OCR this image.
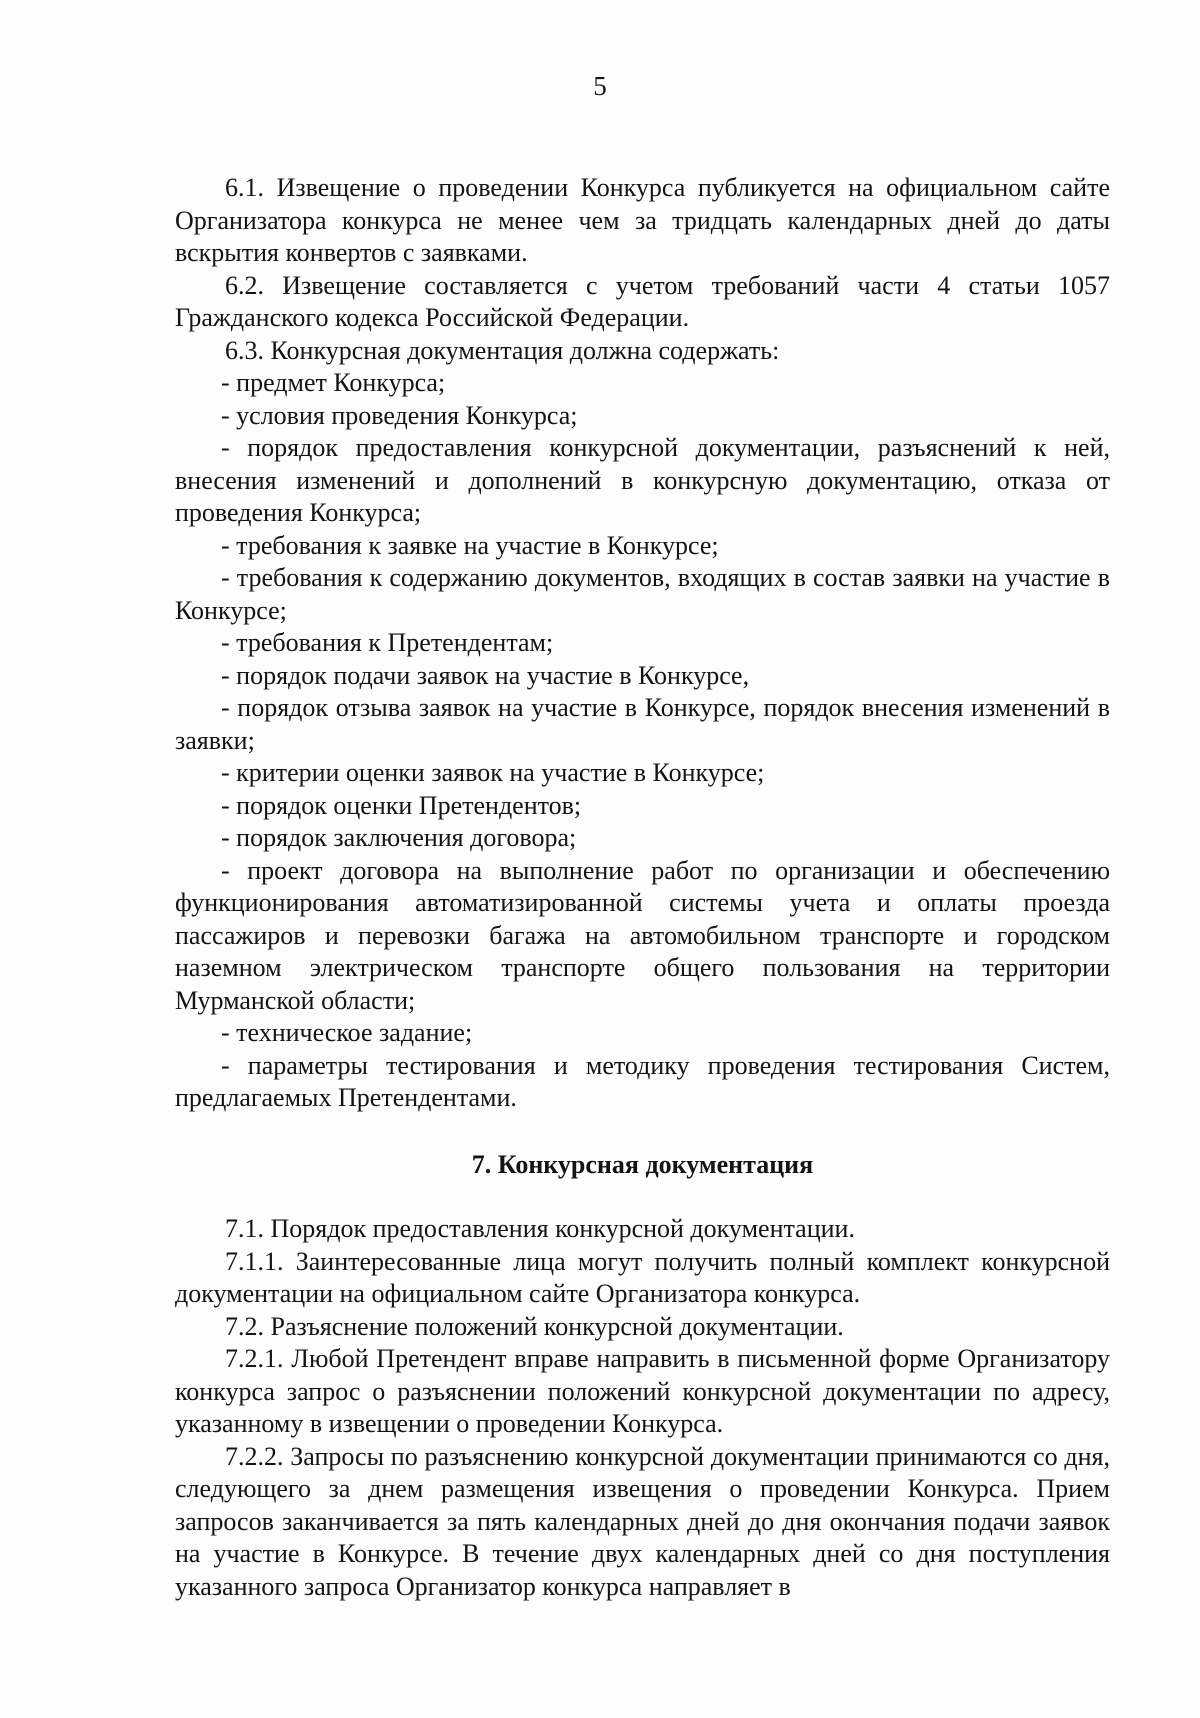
5

6.1. Извещение о проведении Конкурса публикуется на официальном сайте Организатора конкурса не менее чем за тридцать календарных дней до даты вскрытия конвертов с заявками.

6.2. Извещение составляется с учетом требований части 4 статьи 1057 Гражданского кодекса Российской Федерации.

6.3. Конкурсная документация должна содержать:

- предмет Конкурса;

- условия проведения Конкурса;

- порядок предоставления конкурсной документации, разъяснений к ней, внесения изменений и дополнений в конкурсную документацию, отказа от проведения Конкурса;

- требования к заявке на участие в Конкурсе;

- требования к содержанию документов, входящих в состав заявки на участие в Конкурсе;

- требования к Претендентам;

- порядок подачи заявок на участие в Конкурсе,

- порядок отзыва заявок на участие в Конкурсе, порядок внесения изменений в заявки;

- критерии оценки заявок на участие в Конкурсе;

- порядок оценки Претендентов;

- порядок заключения договора;

- проект договора на выполнение работ по организации и обеспечению функционирования автоматизированной системы учета и оплаты проезда пассажиров и перевозки багажа на автомобильном транспорте и городском наземном электрическом транспорте общего пользования на территории Мурманской области;

- техническое задание;

- параметры тестирования и методику проведения тестирования Систем, предлагаемых Претендентами.

7. Конкурсная документация

7.1. Порядок предоставления конкурсной документации.

7.1.1. Заинтересованные лица могут получить полный комплект конкурсной документации на официальном сайте Организатора конкурса.

7.2. Разъяснение положений конкурсной документации.

7.2.1. Любой Претендент вправе направить в письменной форме Организатору конкурса запрос о разъяснении положений конкурсной документации по адресу, указанному в извещении о проведении Конкурса.

7.2.2. Запросы по разъяснению конкурсной документации принимаются со дня, следующего за днем размещения извещения о проведении Конкурса. Прием запросов заканчивается за пять календарных дней до дня окончания подачи заявок на участие в Конкурсе. В течение двух календарных дней со дня поступления указанного запроса Организатор конкурса направляет в
